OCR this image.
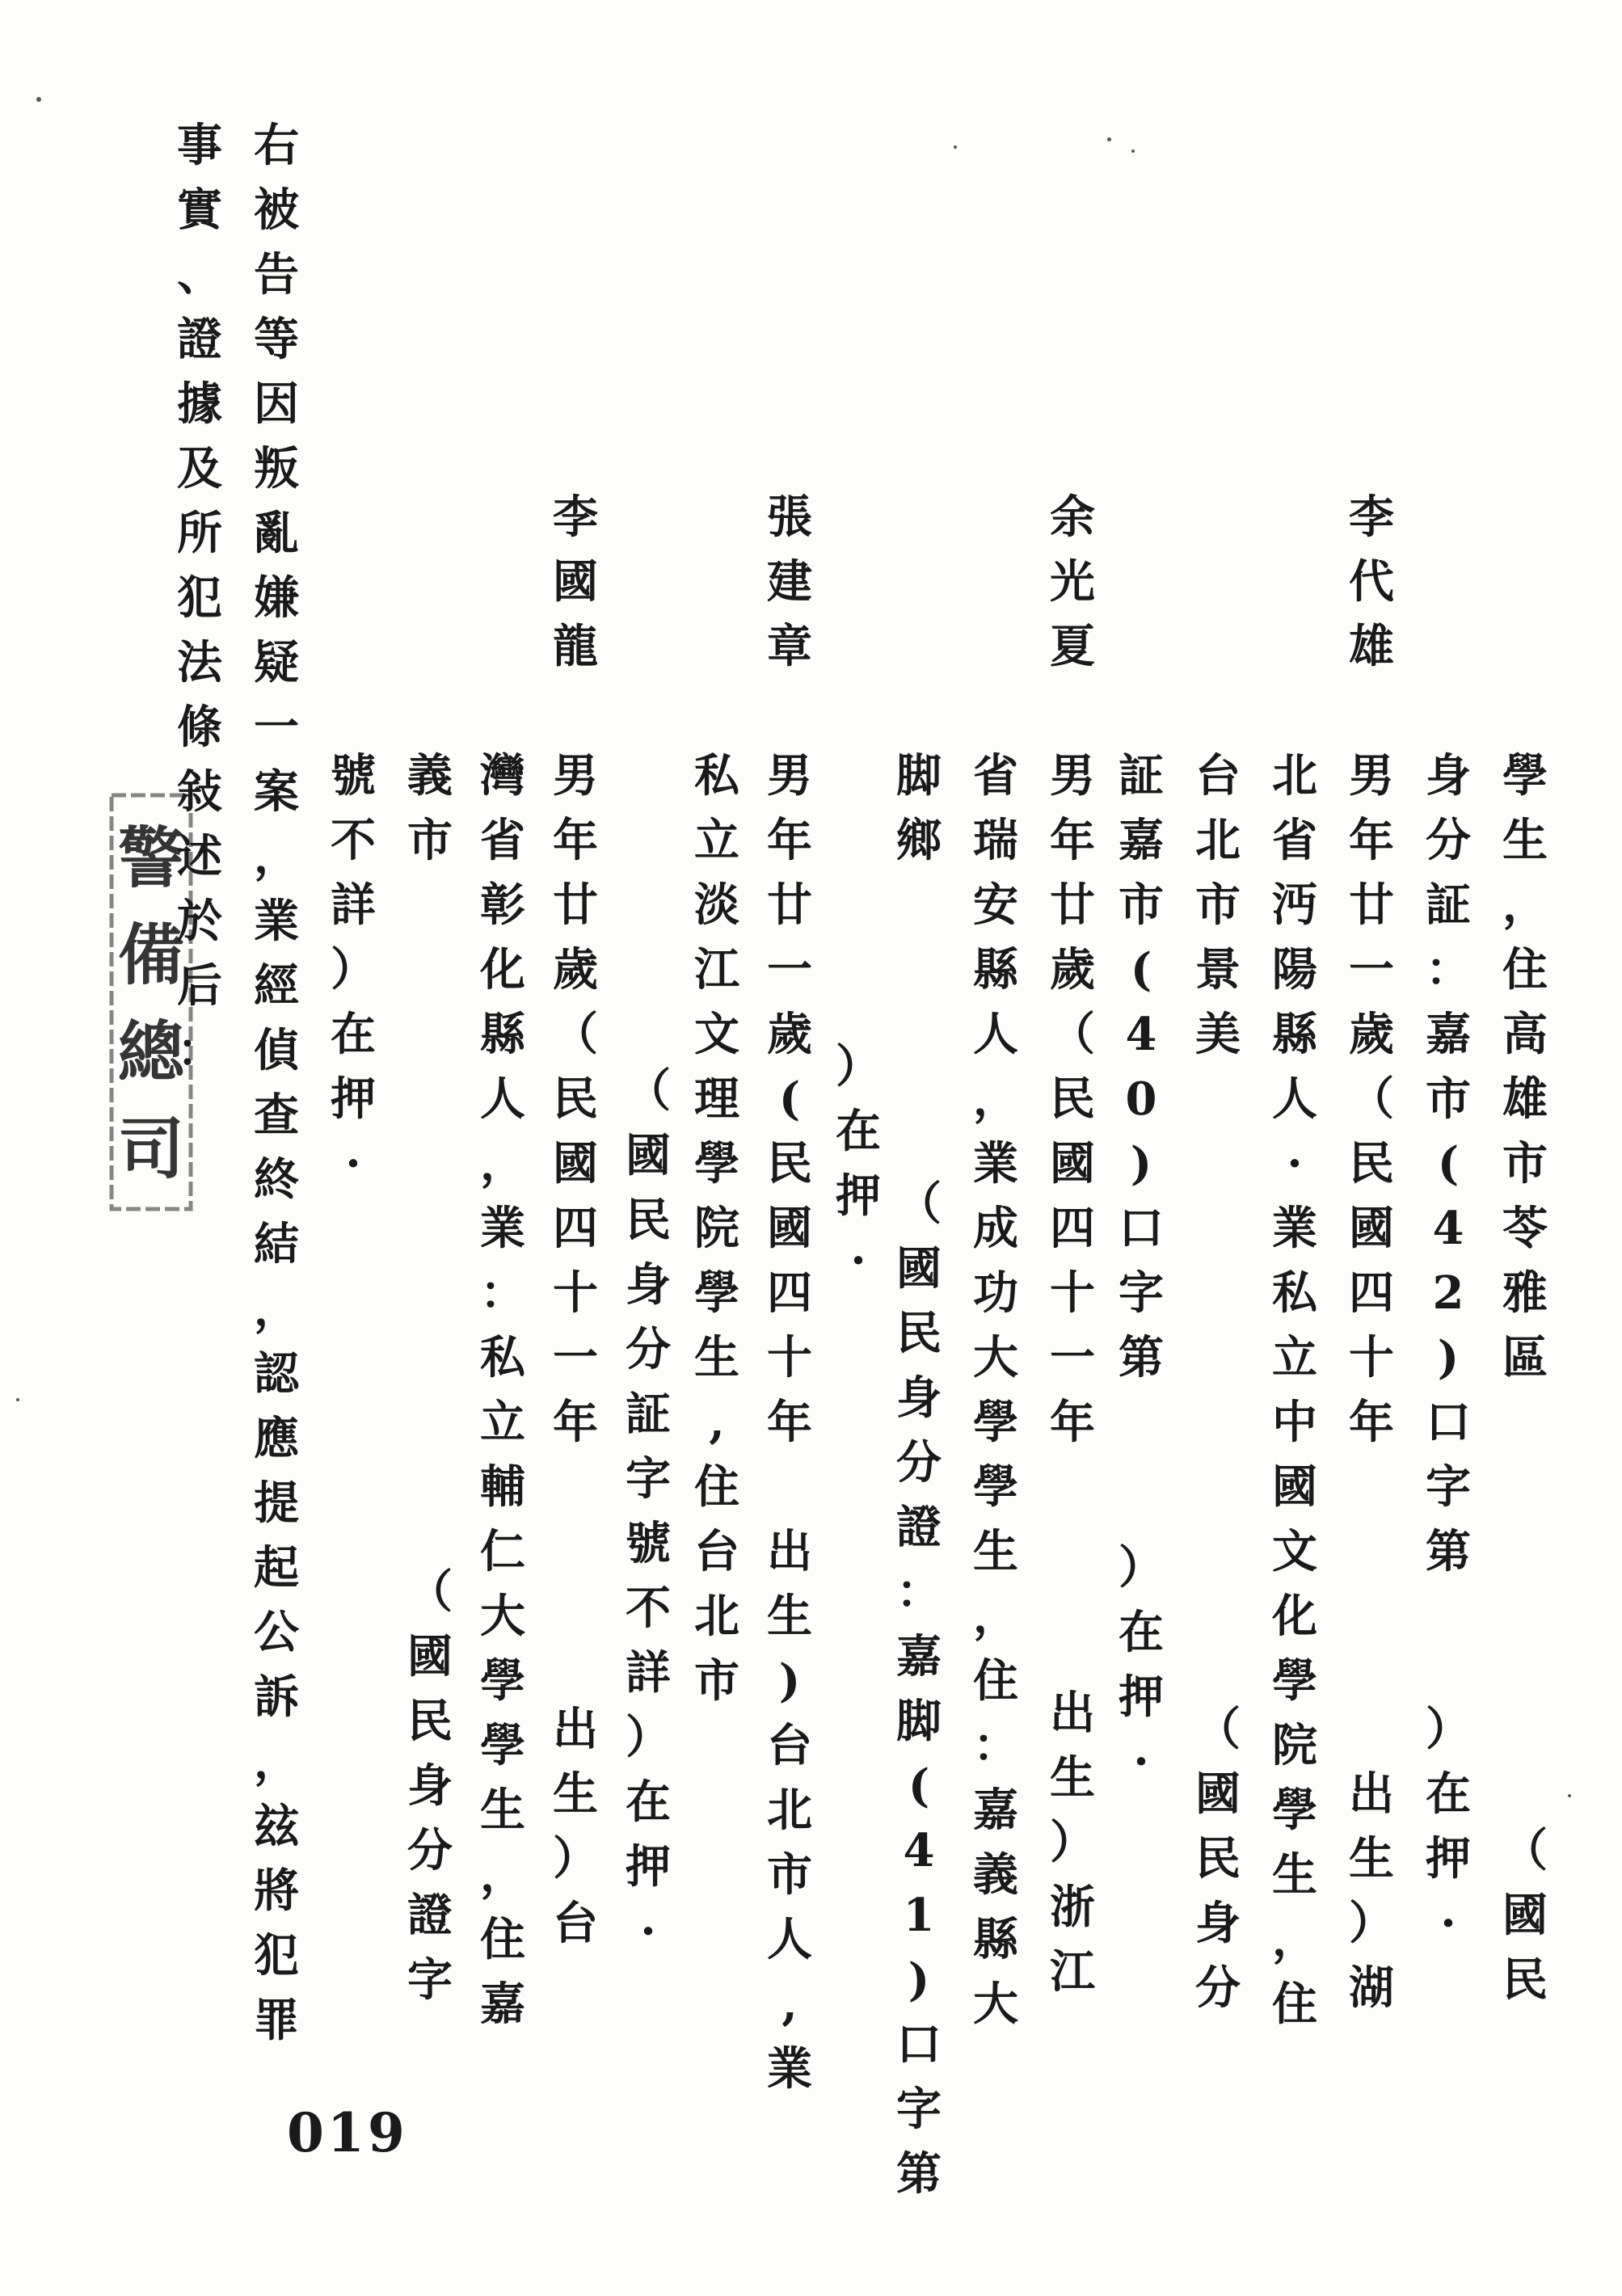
（
國
民
學
生
，
住
高
雄
市
苓
雅
區
身
分
証
：
嘉
市
(
4
2
)
口
字
第
）
在
押
·
李
代
雄
男
年
廿
一
歲
（
民
國
四
十
年
出
生
）
湖
北
省
沔
陽
縣
人
·
業
私
立
中
國
文
化
學
院
學
生
，
住
台
北
市
景
美
（
國
民
身
分
証
嘉
市
(
4
0
)
口
字
第
）
在
押
·
余
光
夏
男
年
廿
歲
（
民
國
四
十
一
年
出
生
）
浙
江
省
瑞
安
縣
人
，
業
成
功
大
學
學
生
，
住
：
嘉
義
縣
大
脚
鄉
（
國
民
身
分
證
：
嘉
脚
(
4
1
)
口
字
第
）
在
押
·
張
建
章
男
年
廿
一
歲
(
民
國
四
十
年
出
生
)
台
北
市
人
,
業
私
立
淡
江
文
理
學
院
學
生
,
住
台
北
市
（
國
民
身
分
証
字
號
不
詳
）
在
押
·
李
國
龍
男
年
廿
歲
（
民
國
四
十
一
年
出
生
）
台
灣
省
彰
化
縣
人
，
業
：
私
立
輔
仁
大
學
學
生
，
住
嘉
義
市
（
國
民
身
分
證
字
號
不
詳
）
在
押
·
右
被
告
等
因
叛
亂
嫌
疑
一
案
，
業
經
偵
查
終
結
，
認
應
提
起
公
訴
，
玆
將
犯
罪
事
實
、
證
據
及
所
犯
法
條
敍
述
於
后
：
警
備
總
司
019
